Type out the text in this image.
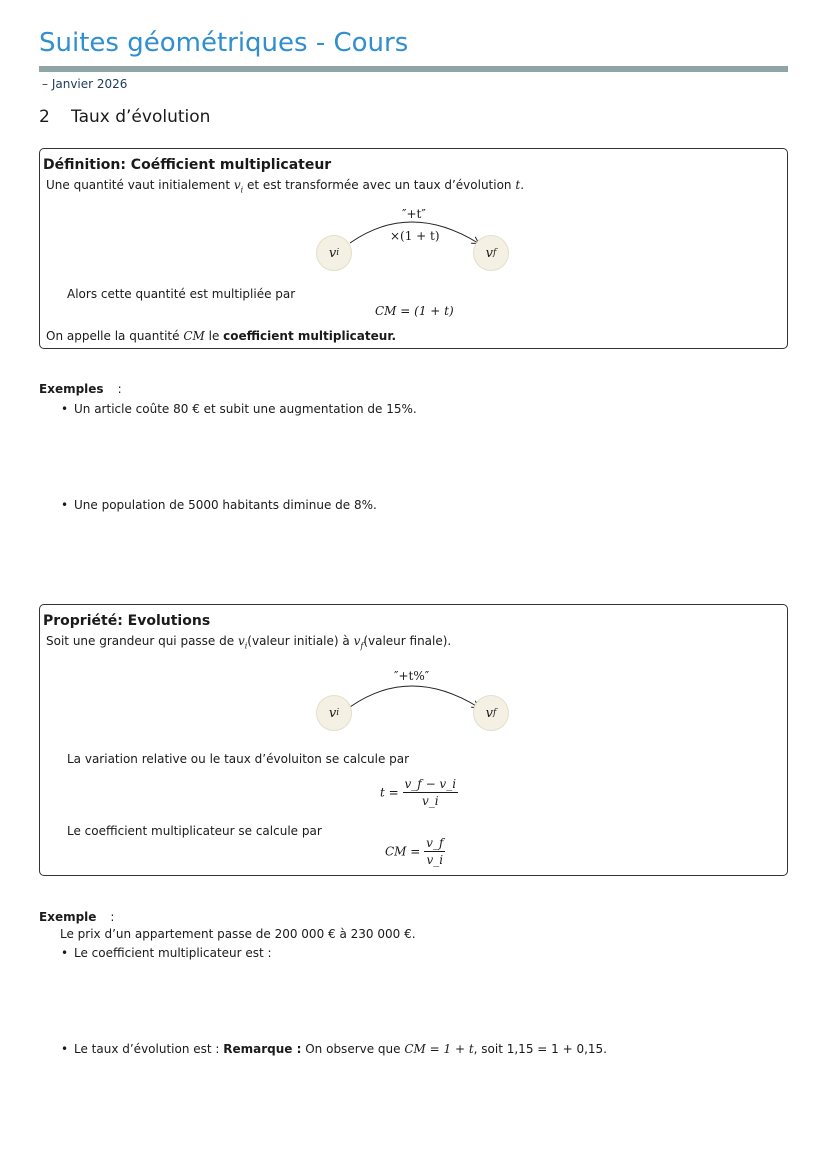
Suites géométriques - Cours
– Janvier 2026
2 Taux d’évolution
Définition: Coéfficient multiplicateur
Une quantité vaut initialement $v_i$ et est transformée avec un taux d’évolution t.
″+t″
×(1 + t)
v i	v f
Alors cette quantité est multipliée par
CM = (1 + t)
On appelle la quantité CM le coefficient multiplicateur.
Exemples :
• Un article coûte 80 € et subit une augmentation de 15%.
• Une population de 5000 habitants diminue de 8%.
Propriété: Evolutions
Soit une grandeur qui passe de $v_i(valeur$ initiale) à $v_f(valeur$ finale).
″+t%″
v i	v f
La variation relative ou le taux d’évoluiton se calcule par
$t = \frac{v\_f - v\_i}{v\_i}$
Le coefficient multiplicateur se calcule par
CM = $\frac{v\_f}{v\_i}$
Exemple :
Le prix d’un appartement passe de 200 000 € à 230 000 €.
• Le coefficient multiplicateur est :
• Le taux d’évolution est : Remarque : On observe que CM = 1 + t, soit 1,15 = 1 + 0,15.
